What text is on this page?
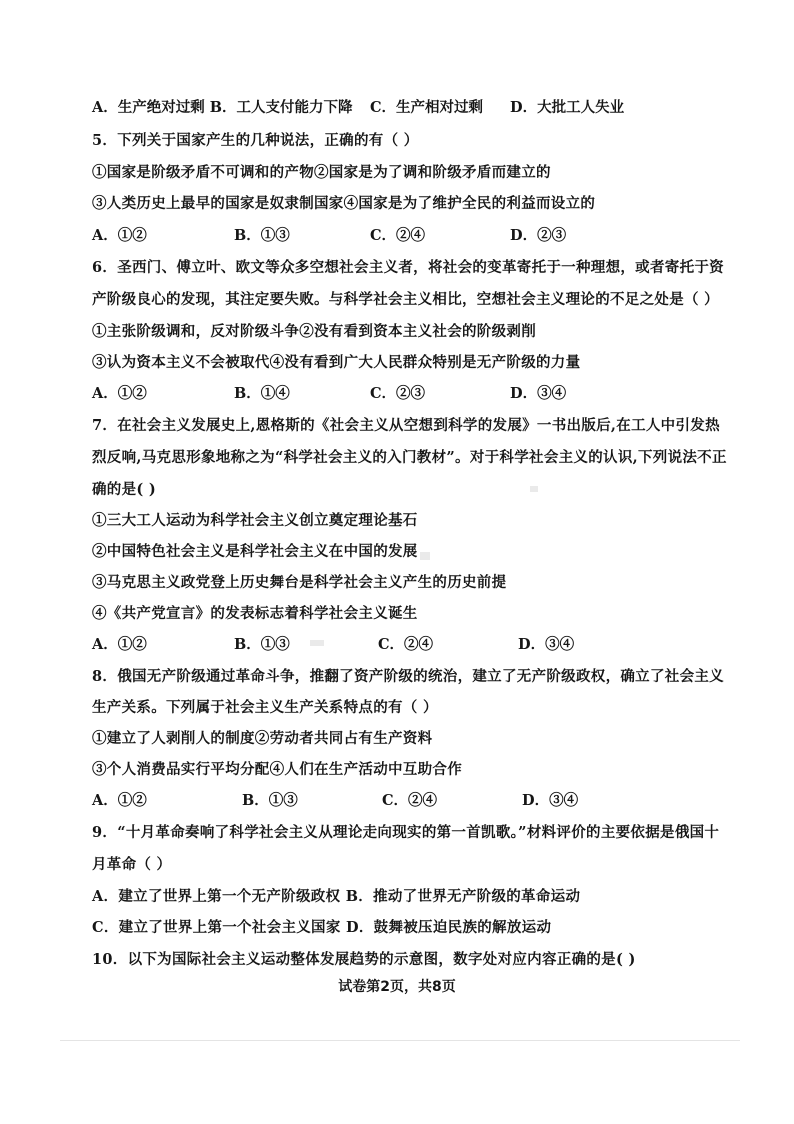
A．生产绝对过剩 B．工人支付能力下降 C．生产相对过剩 D．大批工人失业
5．下列关于国家产生的几种说法，正确的有（ ）
①国家是阶级矛盾不可调和的产物②国家是为了调和阶级矛盾而建立的
③人类历史上最早的国家是奴隶制国家④国家是为了维护全民的利益而设立的
A．①②	B．①③	C．②④	D．②③
6．圣西门、傅立叶、欧文等众多空想社会主义者，将社会的变革寄托于一种理想，或者寄托于资
产阶级良心的发现，其注定要失败。与科学社会主义相比，空想社会主义理论的不足之处是（ ）
①主张阶级调和，反对阶级斗争②没有看到资本主义社会的阶级剥削
③认为资本主义不会被取代④没有看到广大人民群众特别是无产阶级的力量
A．①②	B．①④	C．②③	D．③④
7．在社会主义发展史上,恩格斯的《社会主义从空想到科学的发展》一书出版后,在工人中引发热
烈反响,马克思形象地称之为“科学社会主义的入门教材”。对于科学社会主义的认识,下列说法不正
确的是( )
①三大工人运动为科学社会主义创立奠定理论基石
②中国特色社会主义是科学社会主义在中国的发展
③马克思主义政党登上历史舞台是科学社会主义产生的历史前提
④《共产党宣言》的发表标志着科学社会主义诞生
A．①②	B．①③	C．②④	D．③④
8．俄国无产阶级通过革命斗争，推翻了资产阶级的统治，建立了无产阶级政权，确立了社会主义
生产关系。下列属于社会主义生产关系特点的有（ ）
①建立了人剥削人的制度②劳动者共同占有生产资料
③个人消费品实行平均分配④人们在生产活动中互助合作
A．①②	B．①③	C．②④	D．③④
9．“十月革命奏响了科学社会主义从理论走向现实的第一首凯歌。”材料评价的主要依据是俄国十
月革命（ ）
A．建立了世界上第一个无产阶级政权 B．推动了世界无产阶级的革命运动
C．建立了世界上第一个社会主义国家 D．鼓舞被压迫民族的解放运动
10．以下为国际社会主义运动整体发展趋势的示意图，数字处对应内容正确的是( )
试卷第2页，共8页
